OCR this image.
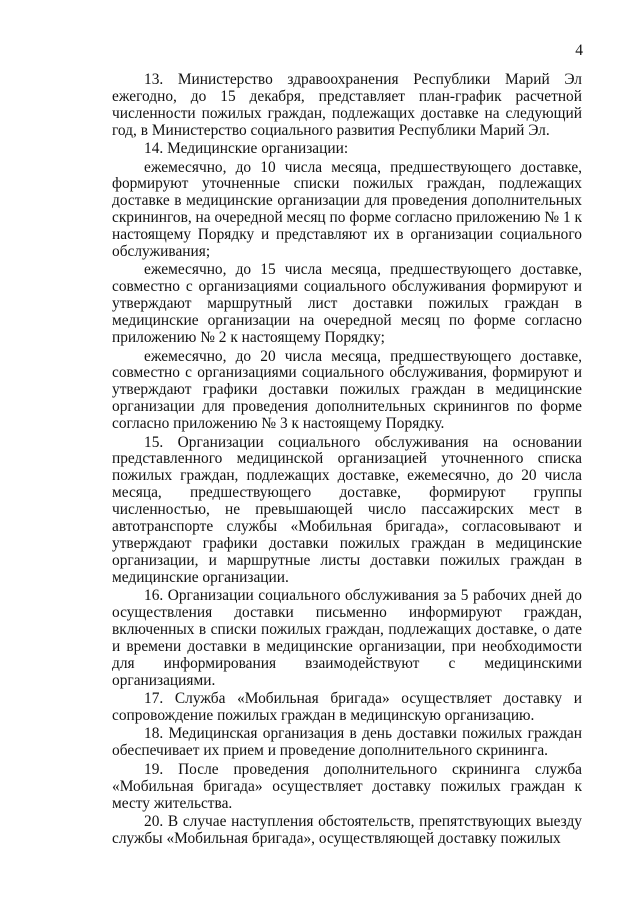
4

13. Министерство здравоохранения Республики Марий Эл ежегодно, до 15 декабря, представляет план-график расчетной численности пожилых граждан, подлежащих доставке на следующий год, в Министерство социального развития Республики Марий Эл.

14. Медицинские организации:

ежемесячно, до 10 числа месяца, предшествующего доставке, формируют уточненные списки пожилых граждан, подлежащих доставке в медицинские организации для проведения дополнительных скринингов, на очередной месяц по форме согласно приложению № 1 к настоящему Порядку и представляют их в организации социального обслуживания;

ежемесячно, до 15 числа месяца, предшествующего доставке, совместно с организациями социального обслуживания формируют и утверждают маршрутный лист доставки пожилых граждан в медицинские организации на очередной месяц по форме согласно приложению № 2 к настоящему Порядку;

ежемесячно, до 20 числа месяца, предшествующего доставке, совместно с организациями социального обслуживания, формируют и утверждают графики доставки пожилых граждан в медицинские организации для проведения дополнительных скринингов по форме согласно приложению № 3 к настоящему Порядку.

15. Организации социального обслуживания на основании представленного медицинской организацией уточненного списка пожилых граждан, подлежащих доставке, ежемесячно, до 20 числа месяца, предшествующего доставке, формируют группы численностью, не превышающей число пассажирских мест в автотранспорте службы «Мобильная бригада», согласовывают и утверждают графики доставки пожилых граждан в медицинские организации, и маршрутные листы доставки пожилых граждан в медицинские организации.

16. Организации социального обслуживания за 5 рабочих дней до осуществления доставки письменно информируют граждан, включенных в списки пожилых граждан, подлежащих доставке, о дате и времени доставки в медицинские организации, при необходимости для информирования взаимодействуют с медицинскими организациями.

17. Служба «Мобильная бригада» осуществляет доставку и сопровождение пожилых граждан в медицинскую организацию.

18. Медицинская организация в день доставки пожилых граждан обеспечивает их прием и проведение дополнительного скрининга.

19. После проведения дополнительного скрининга служба «Мобильная бригада» осуществляет доставку пожилых граждан к месту жительства.

20. В случае наступления обстоятельств, препятствующих выезду службы «Мобильная бригада», осуществляющей доставку пожилых
